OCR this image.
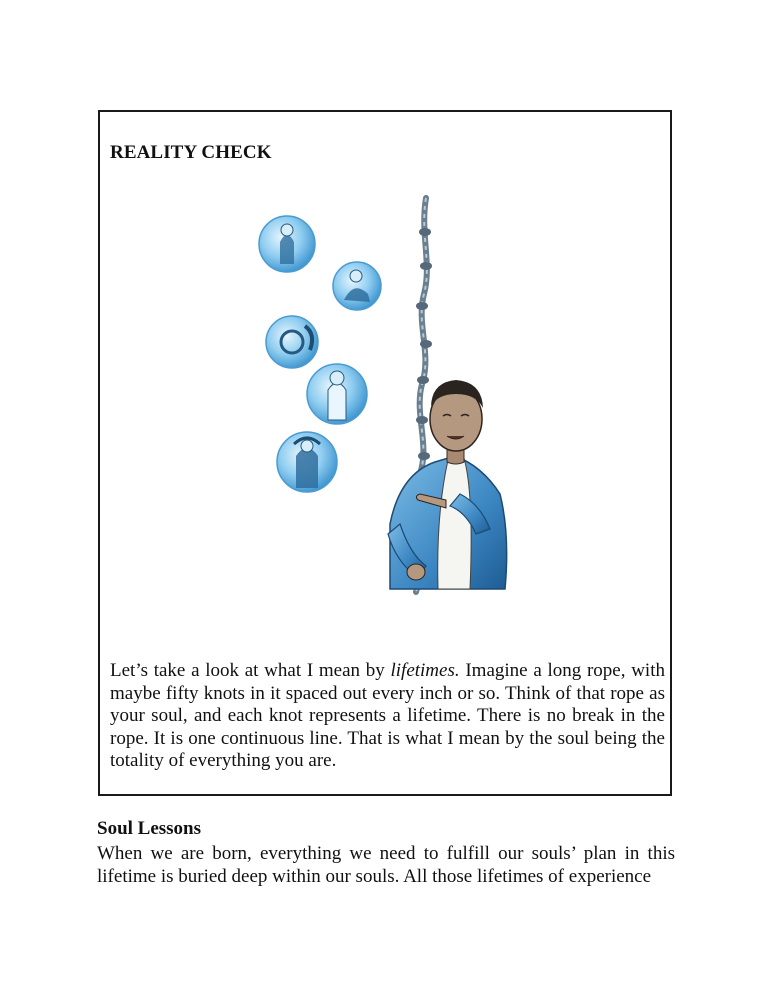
REALITY CHECK

Let’s take a look at what I mean by lifetimes. Imagine a long rope, with maybe fifty knots in it spaced out every inch or so. Think of that rope as your soul, and each knot represents a lifetime. There is no break in the rope. It is one continuous line. That is what I mean by the soul being the totality of everything you are.

Soul Lessons

When we are born, everything we need to fulfill our souls’ plan in this lifetime is buried deep within our souls. All those lifetimes of experience
